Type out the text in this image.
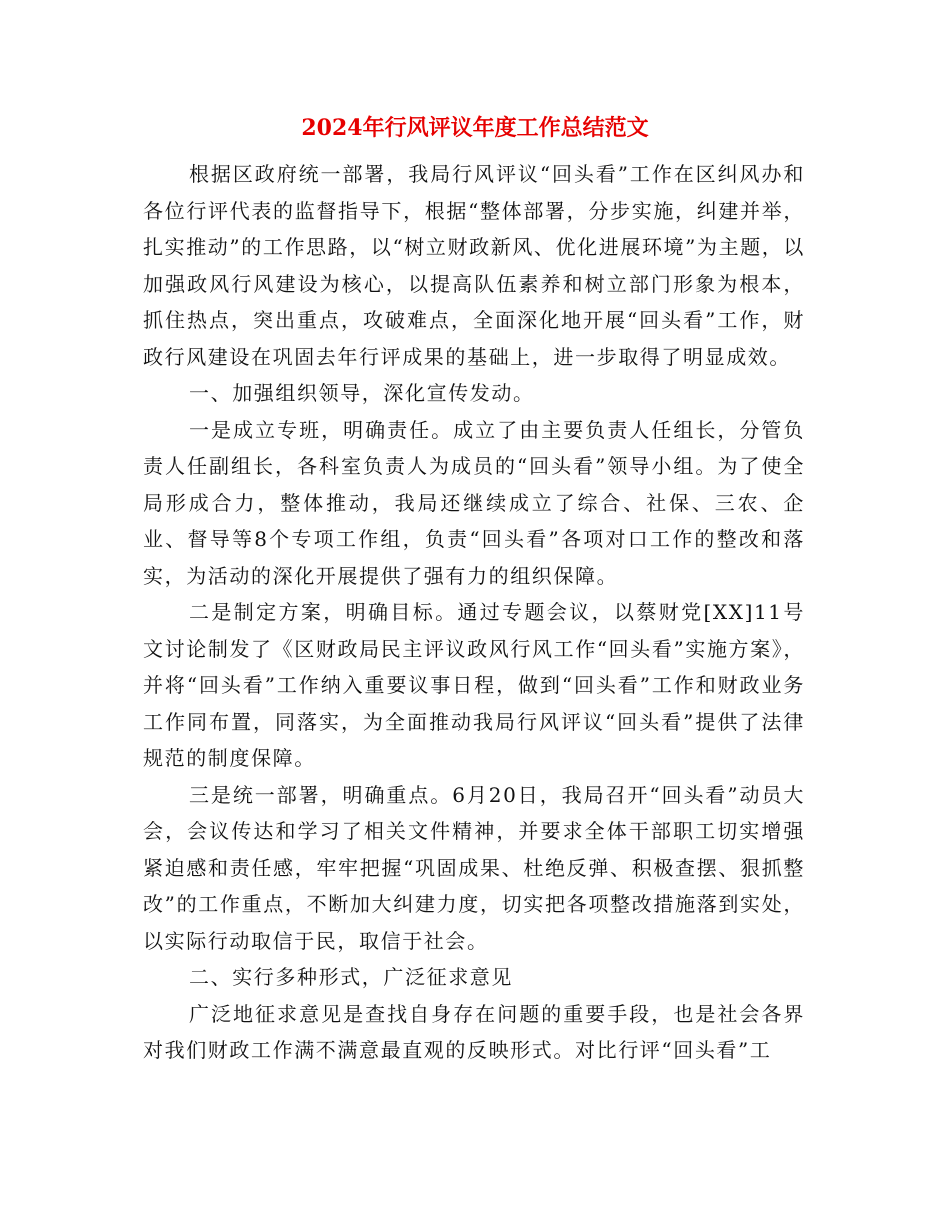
2024年行风评议年度工作总结范文

根据区政府统一部署，我局行风评议“回头看”工作在区纠风办和各位行评代表的监督指导下，根据“整体部署，分步实施，纠建并举，扎实推动”的工作思路，以“树立财政新风、优化进展环境”为主题，以加强政风行风建设为核心，以提高队伍素养和树立部门形象为根本，抓住热点，突出重点，攻破难点，全面深化地开展“回头看”工作，财政行风建设在巩固去年行评成果的基础上，进一步取得了明显成效。

一、加强组织领导，深化宣传发动。

一是成立专班，明确责任。成立了由主要负责人任组长，分管负责人任副组长，各科室负责人为成员的“回头看”领导小组。为了使全局形成合力，整体推动，我局还继续成立了综合、社保、三农、企业、督导等8个专项工作组，负责“回头看”各项对口工作的整改和落实，为活动的深化开展提供了强有力的组织保障。

二是制定方案，明确目标。通过专题会议，以蔡财党[XX]11号文讨论制发了《区财政局民主评议政风行风工作“回头看”实施方案》，并将“回头看”工作纳入重要议事日程，做到“回头看”工作和财政业务工作同布置，同落实，为全面推动我局行风评议“回头看”提供了法律规范的制度保障。

三是统一部署，明确重点。6月20日，我局召开“回头看”动员大会，会议传达和学习了相关文件精神，并要求全体干部职工切实增强紧迫感和责任感，牢牢把握“巩固成果、杜绝反弹、积极查摆、狠抓整改”的工作重点，不断加大纠建力度，切实把各项整改措施落到实处，以实际行动取信于民，取信于社会。

二、实行多种形式，广泛征求意见

广泛地征求意见是查找自身存在问题的重要手段，也是社会各界对我们财政工作满不满意最直观的反映形式。对比行评“回头看”工
